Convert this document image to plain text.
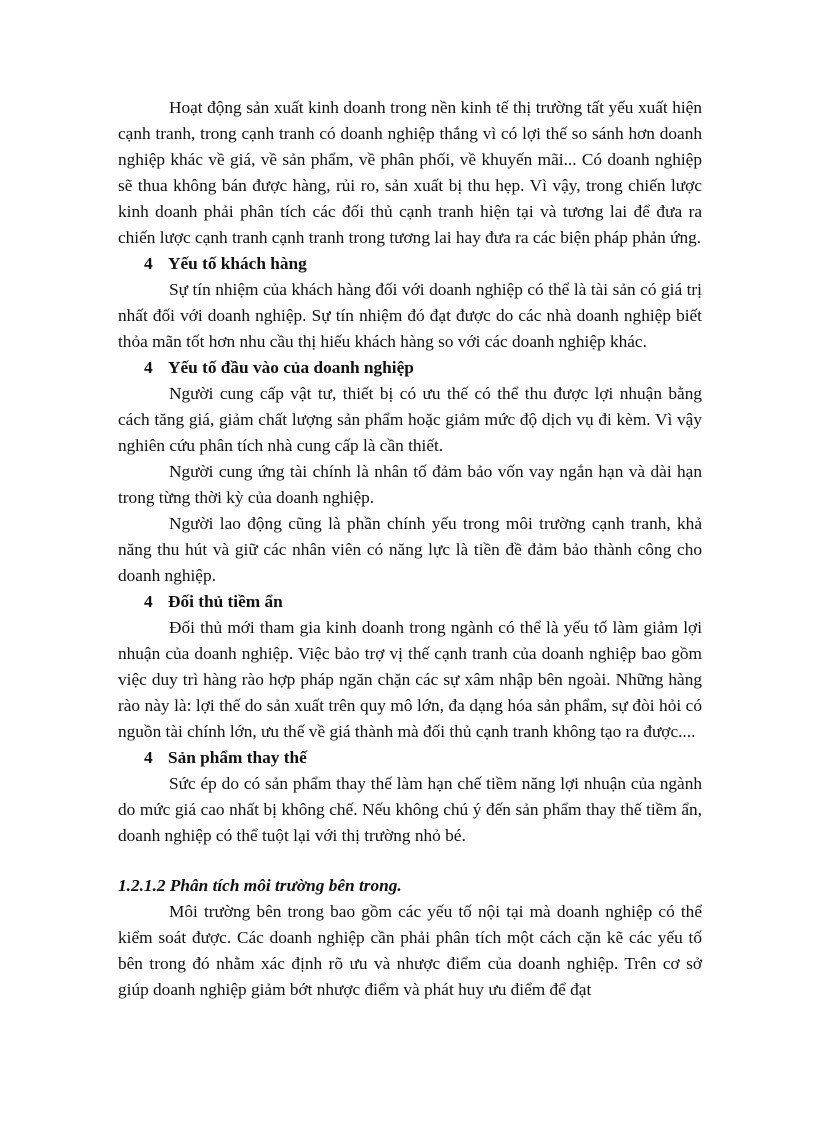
Hoạt động sản xuất kinh doanh trong nền kinh tế thị trường tất yếu xuất hiện cạnh tranh, trong cạnh tranh có doanh nghiệp thắng vì có lợi thế so sánh hơn doanh nghiệp khác về giá, về sản phẩm, về phân phối, về khuyến mãi... Có doanh nghiệp sẽ thua không bán được hàng, rủi ro, sản xuất bị thu hẹp. Vì vậy, trong chiến lược kinh doanh phải phân tích các đối thủ cạnh tranh hiện tại và tương lai để đưa ra chiến lược cạnh tranh cạnh tranh trong tương lai hay đưa ra các biện pháp phản ứng.

4 Yếu tố khách hàng

Sự tín nhiệm của khách hàng đối với doanh nghiệp có thể là tài sản có giá trị nhất đối với doanh nghiệp. Sự tín nhiệm đó đạt được do các nhà doanh nghiệp biết thỏa mãn tốt hơn nhu cầu thị hiếu khách hàng so với các doanh nghiệp khác.

4 Yếu tố đầu vào của doanh nghiệp

Người cung cấp vật tư, thiết bị có ưu thế có thể thu được lợi nhuận bằng cách tăng giá, giảm chất lượng sản phẩm hoặc giảm mức độ dịch vụ đi kèm. Vì vậy nghiên cứu phân tích nhà cung cấp là cần thiết.

Người cung ứng tài chính là nhân tố đảm bảo vốn vay ngắn hạn và dài hạn trong từng thời kỳ của doanh nghiệp.

Người lao động cũng là phần chính yếu trong môi trường cạnh tranh, khả năng thu hút và giữ các nhân viên có năng lực là tiền đề đảm bảo thành công cho doanh nghiệp.

4 Đối thủ tiềm ẩn

Đối thủ mới tham gia kinh doanh trong ngành có thể là yếu tố làm giảm lợi nhuận của doanh nghiệp. Việc bảo trợ vị thế cạnh tranh của doanh nghiệp bao gồm việc duy trì hàng rào hợp pháp ngăn chặn các sự xâm nhập bên ngoài. Những hàng rào này là: lợi thế do sản xuất trên quy mô lớn, đa dạng hóa sản phẩm, sự đòi hỏi có nguồn tài chính lớn, ưu thế về giá thành mà đối thủ cạnh tranh không tạo ra được....

4 Sản phẩm thay thế

Sức ép do có sản phẩm thay thế làm hạn chế tiềm năng lợi nhuận của ngành do mức giá cao nhất bị không chế. Nếu không chú ý đến sản phẩm thay thế tiềm ẩn, doanh nghiệp có thể tuột lại với thị trường nhỏ bé.

1.2.1.2 Phân tích môi trường bên trong.

Môi trường bên trong bao gồm các yếu tố nội tại mà doanh nghiệp có thể kiểm soát được. Các doanh nghiệp cần phải phân tích một cách cặn kẽ các yếu tố bên trong đó nhằm xác định rõ ưu và nhược điểm của doanh nghiệp. Trên cơ sở giúp doanh nghiệp giảm bớt nhược điểm và phát huy ưu điểm để đạt
